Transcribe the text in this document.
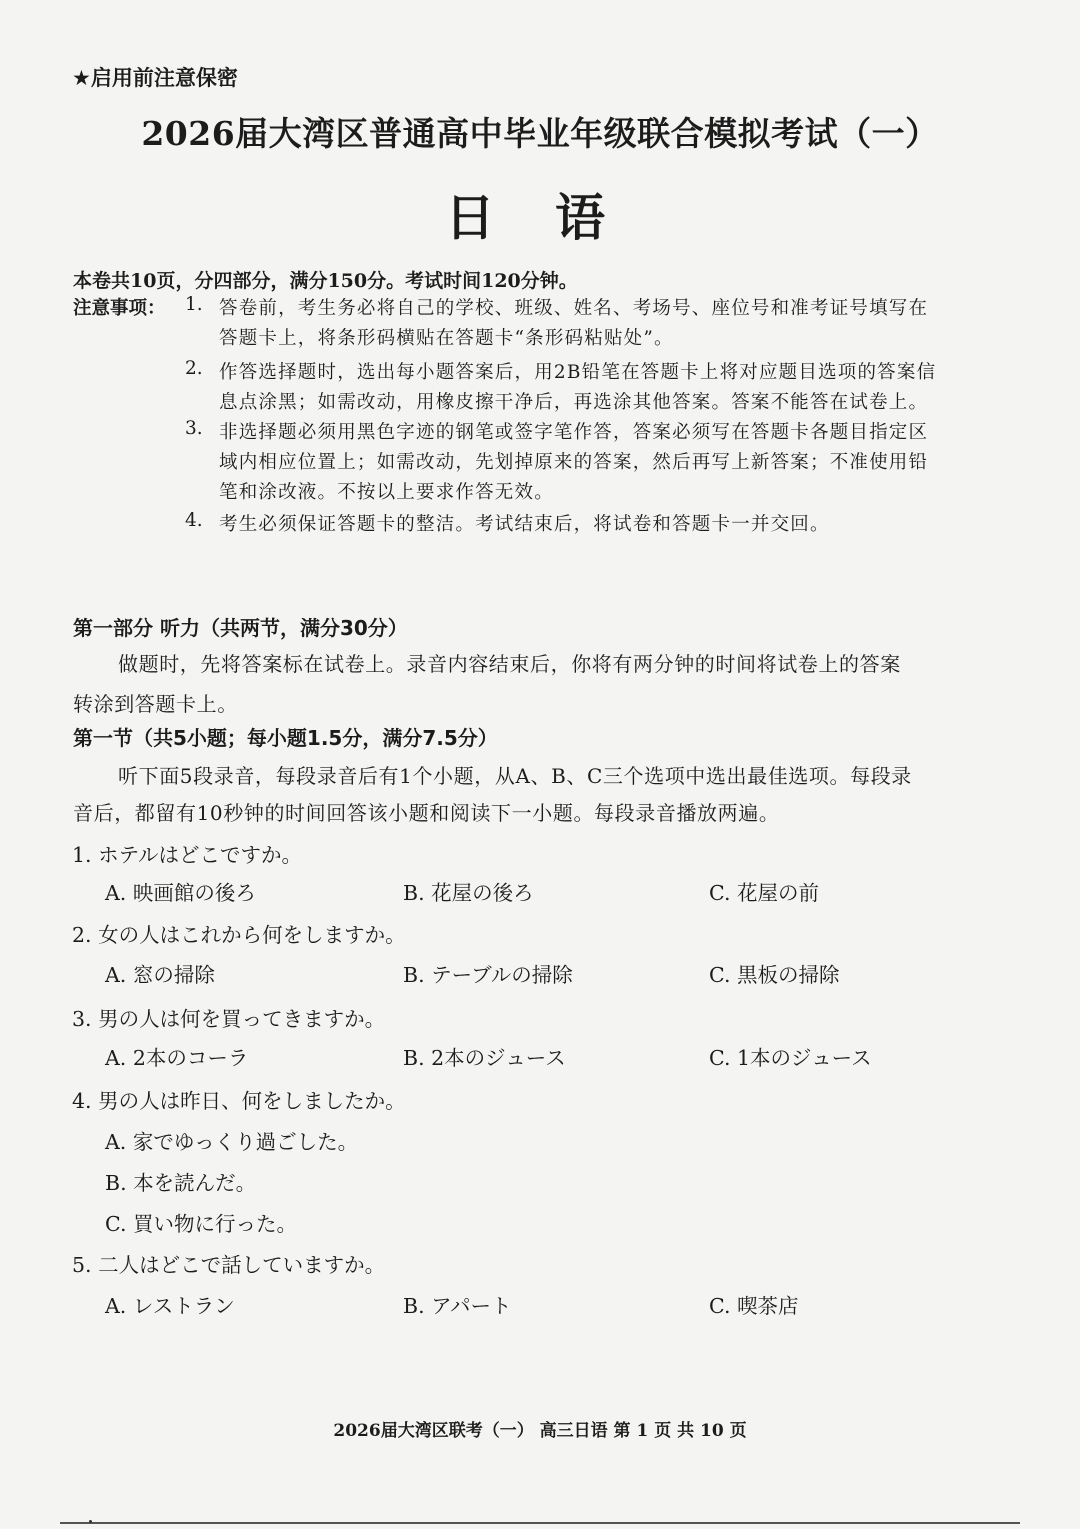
★启用前注意保密
2026届大湾区普通高中毕业年级联合模拟考试（一）
日语
本卷共10页，分四部分，满分150分。考试时间120分钟。
注意事项： 1. 答卷前，考生务必将自己的学校、班级、姓名、考场号、座位号和准考证号填写在
答题卡上，将条形码横贴在答题卡“条形码粘贴处”。
2. 作答选择题时，选出每小题答案后，用2B铅笔在答题卡上将对应题目选项的答案信
息点涂黑；如需改动，用橡皮擦干净后，再选涂其他答案。答案不能答在试卷上。
3. 非选择题必须用黑色字迹的钢笔或签字笔作答，答案必须写在答题卡各题目指定区
域内相应位置上；如需改动，先划掉原来的答案，然后再写上新答案；不准使用铅
笔和涂改液。不按以上要求作答无效。
4. 考生必须保证答题卡的整洁。考试结束后，将试卷和答题卡一并交回。
第一部分 听力（共两节，满分30分）
做题时，先将答案标在试卷上。录音内容结束后，你将有两分钟的时间将试卷上的答案
转涂到答题卡上。
第一节（共5小题；每小题1.5分，满分7.5分）
听下面5段录音，每段录音后有1个小题，从A、B、C三个选项中选出最佳选项。每段录
音后，都留有10秒钟的时间回答该小题和阅读下一小题。每段录音播放两遍。
1. ホテルはどこですか。
A. 映画館の後ろ	B. 花屋の後ろ	C. 花屋の前
2. 女の人はこれから何をしますか。
A. 窓の掃除	B. テーブルの掃除	C. 黒板の掃除
3. 男の人は何を買ってきますか。
A. 2本のコーラ	B. 2本のジュース	C. 1本のジュース
4. 男の人は昨日、何をしましたか。
A. 家でゆっくり過ごした。
B. 本を読んだ。
C. 買い物に行った。
5. 二人はどこで話していますか。
A. レストラン	B. アパート	C. 喫茶店
2026届大湾区联考（一） 高三日语 第 1 页 共 10 页
